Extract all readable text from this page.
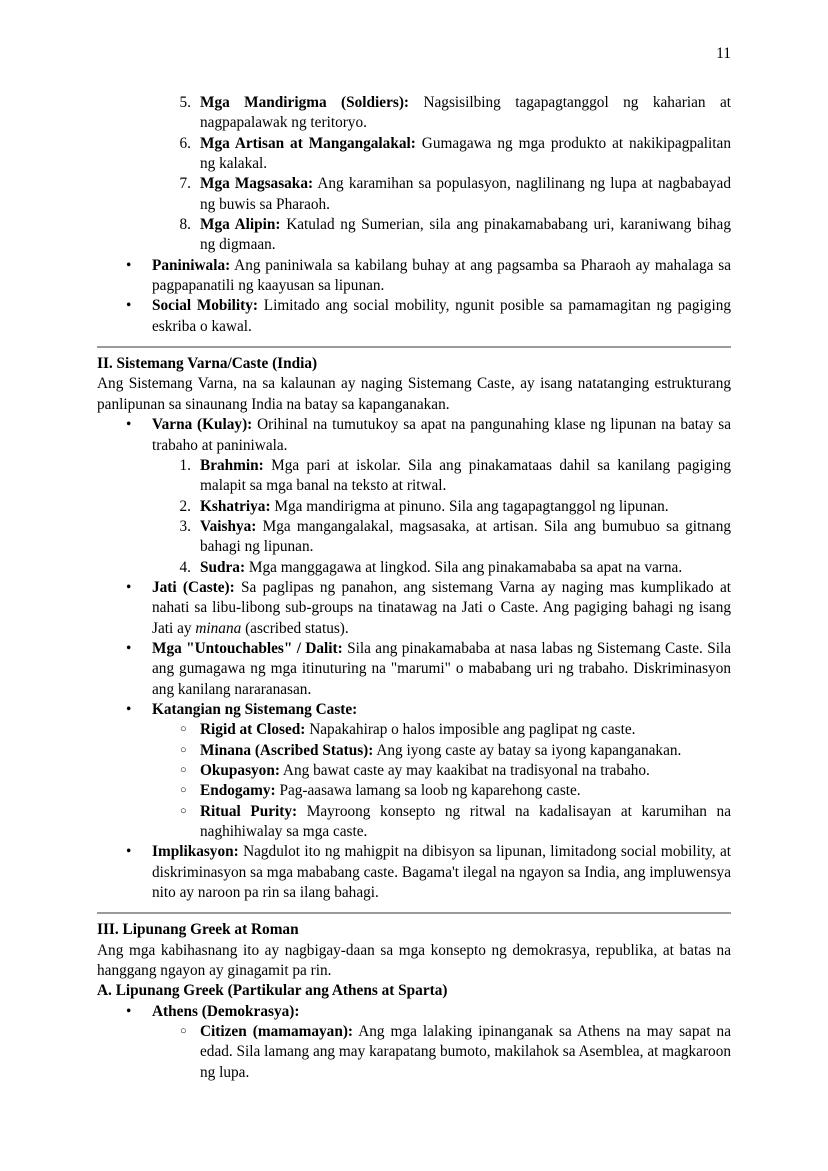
11
5. Mga Mandirigma (Soldiers): Nagsisilbing tagapagtanggol ng kaharian at nagpapalawak ng teritoryo.
6. Mga Artisan at Mangangalakal: Gumagawa ng mga produkto at nakikipagpalitan ng kalakal.
7. Mga Magsasaka: Ang karamihan sa populasyon, naglilinang ng lupa at nagbabayad ng buwis sa Pharaoh.
8. Mga Alipin: Katulad ng Sumerian, sila ang pinakamababang uri, karaniwang bihag ng digmaan.
• Paniniwala: Ang paniniwala sa kabilang buhay at ang pagsamba sa Pharaoh ay mahalaga sa pagpapanatili ng kaayusan sa lipunan.
• Social Mobility: Limitado ang social mobility, ngunit posible sa pamamagitan ng pagiging eskriba o kawal.
II. Sistemang Varna/Caste (India)

Ang Sistemang Varna, na sa kalaunan ay naging Sistemang Caste, ay isang natatanging estrukturang panlipunan sa sinaunang India na batay sa kapanganakan.

• Varna (Kulay): Orihinal na tumutukoy sa apat na pangunahing klase ng lipunan na batay sa trabaho at paniniwala.
1. Brahmin: Mga pari at iskolar. Sila ang pinakamataas dahil sa kanilang pagiging malapit sa mga banal na teksto at ritwal.
2. Kshatriya: Mga mandirigma at pinuno. Sila ang tagapagtanggol ng lipunan.
3. Vaishya: Mga mangangalakal, magsasaka, at artisan. Sila ang bumubuo sa gitnang bahagi ng lipunan.
4. Sudra: Mga manggagawa at lingkod. Sila ang pinakamababa sa apat na varna.
• Jati (Caste): Sa paglipas ng panahon, ang sistemang Varna ay naging mas kumplikado at nahati sa libu-libong sub-groups na tinatawag na Jati o Caste. Ang pagiging bahagi ng isang Jati ay minana (ascribed status).
• Mga "Untouchables" / Dalit: Sila ang pinakamababa at nasa labas ng Sistemang Caste. Sila ang gumagawa ng mga itinuturing na "marumi" o mababang uri ng trabaho. Diskriminasyon ang kanilang nararanasan.
• Katangian ng Sistemang Caste:
○ Rigid at Closed: Napakahirap o halos imposible ang paglipat ng caste.
○ Minana (Ascribed Status): Ang iyong caste ay batay sa iyong kapanganakan.
○ Okupasyon: Ang bawat caste ay may kaakibat na tradisyonal na trabaho.
○ Endogamy: Pag-aasawa lamang sa loob ng kaparehong caste.
○ Ritual Purity: Mayroong konsepto ng ritwal na kadalisayan at karumihan na naghihiwalay sa mga caste.
• Implikasyon: Nagdulot ito ng mahigpit na dibisyon sa lipunan, limitadong social mobility, at diskriminasyon sa mga mababang caste. Bagama't ilegal na ngayon sa India, ang impluwensya nito ay naroon pa rin sa ilang bahagi.
III. Lipunang Greek at Roman

Ang mga kabihasnang ito ay nagbigay-daan sa mga konsepto ng demokrasya, republika, at batas na hanggang ngayon ay ginagamit pa rin.

A. Lipunang Greek (Partikular ang Athens at Sparta)
• Athens (Demokrasya):
○ Citizen (mamamayan): Ang mga lalaking ipinanganak sa Athens na may sapat na edad. Sila lamang ang may karapatang bumoto, makilahok sa Asemblea, at magkaroon ng lupa.
